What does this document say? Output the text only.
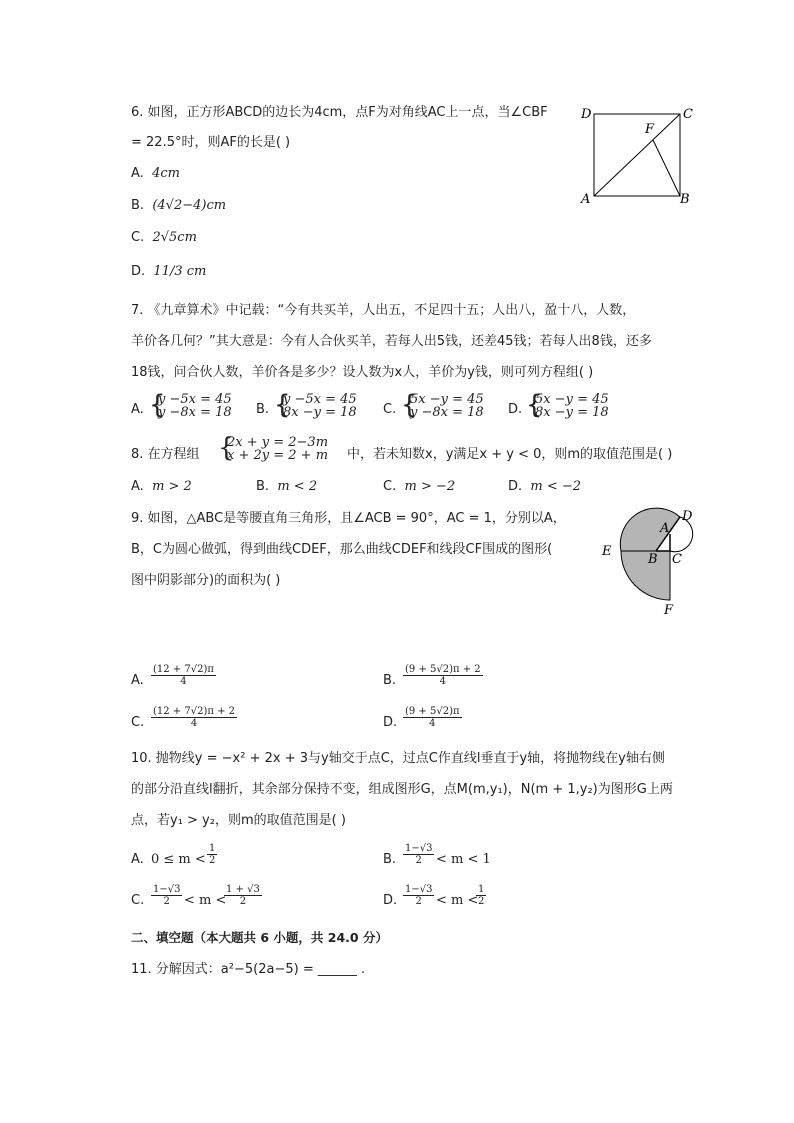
6. 如图，正方形ABCD的边长为4cm，点F为对角线AC上一点，当∠CBF
= 22.5°时，则AF的长是( )
A. 4cm
B. (4√2−4)cm
C. 2√5cm
D. 11/3 cm
D	C
F
A	B
7. 《九章算术》中记载：“今有共买羊，人出五，不足四十五；人出八，盈十八，人数，
羊价各几何？”其大意是：今有人合伙买羊，若每人出5钱，还差45钱；若每人出8钱，还多
18钱，问合伙人数，羊价各是多少？设人数为x人，羊价为y钱，则可列方程组( )
A. {
y −5x = 45
y −8x = 18 B. {
y −5x = 45
8x −y = 18 C. {
5x −y = 45
y −8x = 18 D. {
5x −y = 45
8x −y = 18
8. 在方程组 {
2x + y = 2−3m
x + 2y = 2 + m 中，若未知数x，y满足x + y < 0，则m的取值范围是( )
A. m > 2	B. m < 2	C. m > −2	D. m < −2
9. 如图，△ABC是等腰直角三角形，且∠ACB = 90°，AC = 1，分别以A，
B，C为圆心做弧，得到曲线CDEF，那么曲线CDEF和线段CF围成的图形(
图中阴影部分)的面积为( )
A
D
E
B C
F
A. $\frac{(12 + 7√2)\pi}{4}$	B. $\frac{(9 + 5√2)\pi + 2}{4}$
C. $\frac{(12 + 7√2)\pi + 2}{4}$	D. $\frac{(9 + 5√2)\pi}{4}$
10. 抛物线y = −x² + 2x + 3与y轴交于点C，过点C作直线l垂直于y轴，将抛物线在y轴右侧
的部分沿直线l翻折，其余部分保持不变，组成图形G，点M(m,y₁)，N(m + 1,y₂)为图形G上两
点，若y₁ > y₂，则m的取值范围是( )
A. $0 \le m < \frac{1}{2}$	B. $\frac{1-√3}{2} < m < 1$
C. $\frac{1-√3}{2} < m$ <
$\frac{1 + √3}{2}$	D. $\frac{1-√3}{2} < m$ <
$\frac{1}{2}$
二、填空题（本大题共 6 小题，共 24.0 分）
11. 分解因式：a²−5(2a−5) = ______ .
